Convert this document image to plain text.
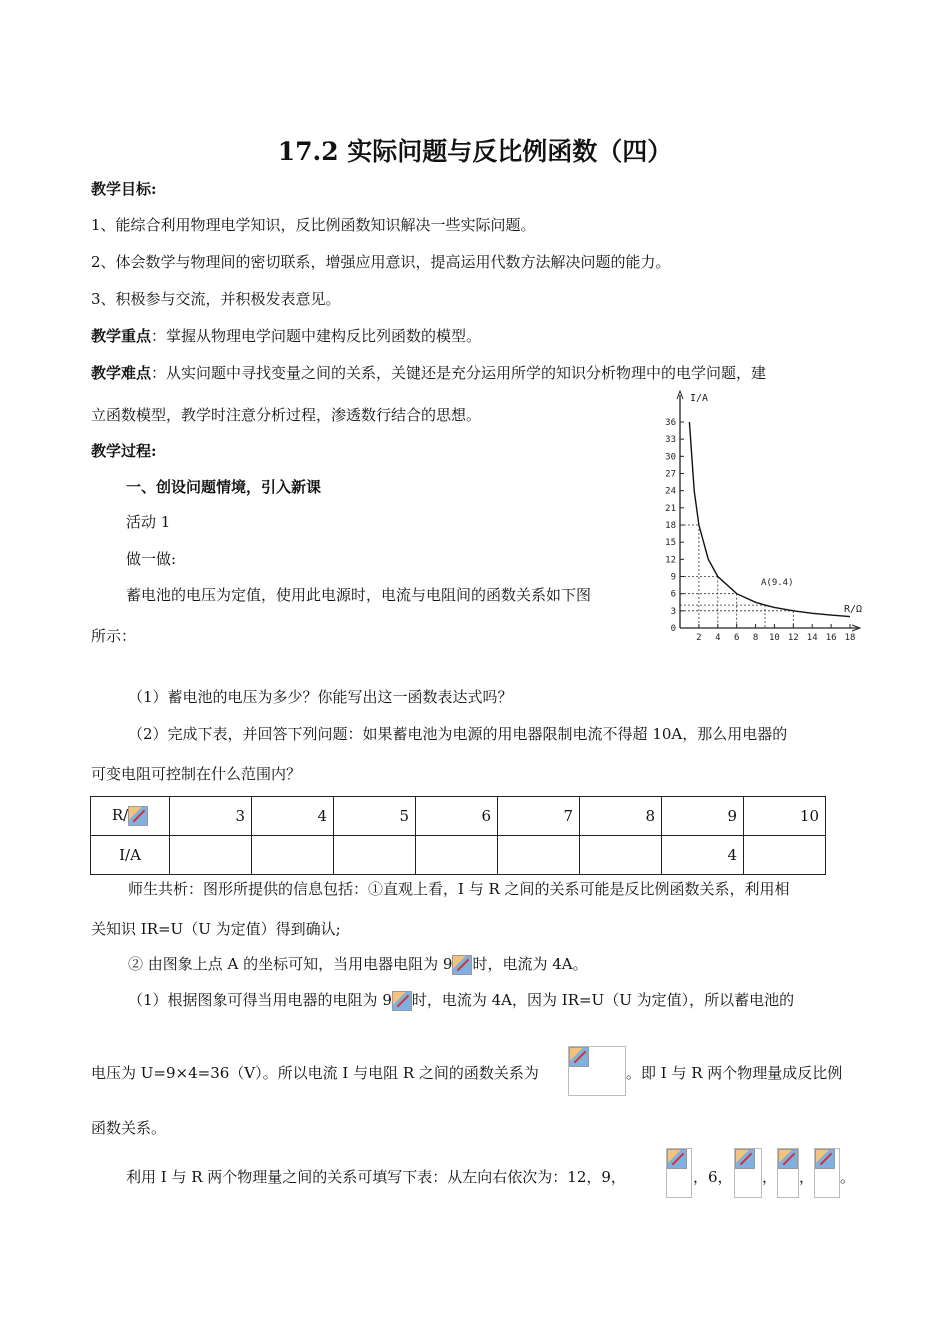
17.2 实际问题与反比例函数（四）
教学目标:
1、能综合利用物理电学知识，反比例函数知识解决一些实际问题。
2、体会数学与物理间的密切联系，增强应用意识，提高运用代数方法解决问题的能力。
3、积极参与交流，并积极发表意见。
教学重点：掌握从物理电学问题中建构反比列函数的模型。
教学难点：从实问题中寻找变量之间的关系，关键还是充分运用所学的知识分析物理中的电学问题，建
立函数模型，教学时注意分析过程，渗透数行结合的思想。
教学过程:
一、创设问题情境，引入新课
活动 1
做一做:
蓄电池的电压为定值，使用此电源时，电流与电阻间的函数关系如下图
所示：	0
3
6
9
12
15
18
21
24
27
30
33
36
2 4 6 8 10 12 14 16 18
I/A
R/Ω
A(9.4)
（1）蓄电池的电压为多少？你能写出这一函数表达式吗？
（2）完成下表，并回答下列问题：如果蓄电池为电源的用电器限制电流不得超 10A，那么用电器的
可变电阻可控制在什么范围内？
R/	3	4	5	6	7	8	9	10
I/A							4	
师生共析：图形所提供的信息包括：①直观上看，I 与 R 之间的关系可能是反比例函数关系，利用相
关知识 IR=U（U 为定值）得到确认;
② 由图象上点 A 的坐标可知，当用电器电阻为 9 时，电流为 4A。
（1）根据图象可得当用电器的电阻为 9 时，电流为 4A，因为 IR=U（U 为定值），所以蓄电池的
电压为 U=9×4=36（V）。所以电流 I 与电阻 R 之间的函数关系为	。即 I 与 R 两个物理量成反比例
函数关系。
利用 I 与 R 两个物理量之间的关系可填写下表：从左向右依次为：12，9，	，6， ， ， 。
